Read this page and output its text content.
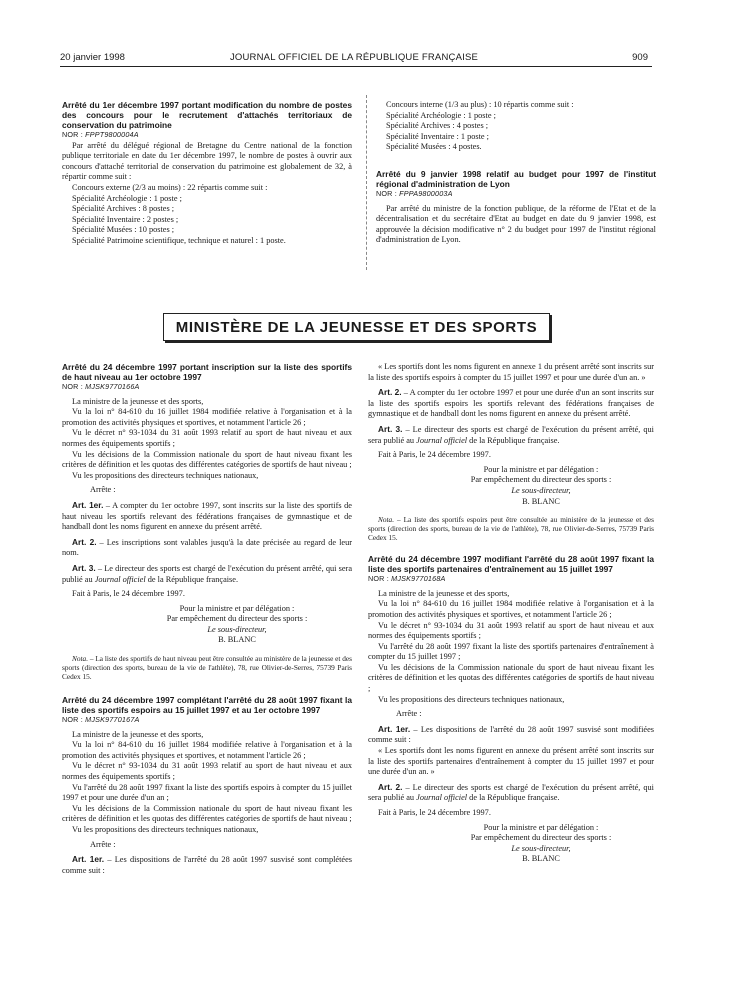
20 janvier 1998	JOURNAL OFFICIEL DE LA RÉPUBLIQUE FRANÇAISE	909

Arrêté du 1er décembre 1997 portant modification du nombre de postes des concours pour le recrutement d'attachés territoriaux de conservation du patrimoine

NOR : FPPT9800004A

Par arrêté du délégué régional de Bretagne du Centre national de la fonction publique territoriale en date du 1er décembre 1997, le nombre de postes à ouvrir aux concours d'attaché territorial de conservation du patrimoine est globalement de 32, à répartir comme suit :

Concours externe (2/3 au moins) : 22 répartis comme suit :

Spécialité Archéologie : 1 poste ;

Spécialité Archives : 8 postes ;

Spécialité Inventaire : 2 postes ;

Spécialité Musées : 10 postes ;

Spécialité Patrimoine scientifique, technique et naturel : 1 poste.

Concours interne (1/3 au plus) : 10 répartis comme suit :

Spécialité Archéologie : 1 poste ;

Spécialité Archives : 4 postes ;

Spécialité Inventaire : 1 poste ;

Spécialité Musées : 4 postes.

Arrêté du 9 janvier 1998 relatif au budget pour 1997 de l'institut régional d'administration de Lyon

NOR : FPPA9800003A

Par arrêté du ministre de la fonction publique, de la réforme de l'Etat et de la décentralisation et du secrétaire d'Etat au budget en date du 9 janvier 1998, est approuvée la décision modificative n° 2 du budget pour 1997 de l'institut régional d'administration de Lyon.

MINISTÈRE DE LA JEUNESSE ET DES SPORTS

Arrêté du 24 décembre 1997 portant inscription sur la liste des sportifs de haut niveau au 1er octobre 1997

NOR : MJSK9770166A

La ministre de la jeunesse et des sports,

Vu la loi n° 84-610 du 16 juillet 1984 modifiée relative à l'organisation et à la promotion des activités physiques et sportives, et notamment l'article 26 ;

Vu le décret n° 93-1034 du 31 août 1993 relatif au sport de haut niveau et aux normes des équipements sportifs ;

Vu les décisions de la Commission nationale du sport de haut niveau fixant les critères de définition et les quotas des différentes catégories de sportifs de haut niveau ;

Vu les propositions des directeurs techniques nationaux,

Arrête :

Art. 1er. – A compter du 1er octobre 1997, sont inscrits sur la liste des sportifs de haut niveau les sportifs relevant des fédérations françaises de gymnastique et de handball dont les noms figurent en annexe du présent arrêté.

Art. 2. – Les inscriptions sont valables jusqu'à la date précisée au regard de leur nom.

Art. 3. – Le directeur des sports est chargé de l'exécution du présent arrêté, qui sera publié au Journal officiel de la République française.

Fait à Paris, le 24 décembre 1997.

Pour la ministre et par délégation :

Par empêchement du directeur des sports :

Le sous-directeur,

B. BLANC

Nota. – La liste des sportifs de haut niveau peut être consultée au ministère de la jeunesse et des sports (direction des sports, bureau de la vie de l'athlète), 78, rue Olivier-de-Serres, 75739 Paris Cedex 15.

Arrêté du 24 décembre 1997 complétant l'arrêté du 28 août 1997 fixant la liste des sportifs espoirs au 15 juillet 1997 et au 1er octobre 1997

NOR : MJSK9770167A

La ministre de la jeunesse et des sports,

Vu la loi n° 84-610 du 16 juillet 1984 modifiée relative à l'organisation et à la promotion des activités physiques et sportives, et notamment l'article 26 ;

Vu le décret n° 93-1034 du 31 août 1993 relatif au sport de haut niveau et aux normes des équipements sportifs ;

Vu l'arrêté du 28 août 1997 fixant la liste des sportifs espoirs à compter du 15 juillet 1997 et pour une durée d'un an ;

Vu les décisions de la Commission nationale du sport de haut niveau fixant les critères de définition et les quotas des différentes catégories de sportifs de haut niveau ;

Vu les propositions des directeurs techniques nationaux,

Arrête :

Art. 1er. – Les dispositions de l'arrêté du 28 août 1997 susvisé sont complétées comme suit :

« Les sportifs dont les noms figurent en annexe 1 du présent arrêté sont inscrits sur la liste des sportifs espoirs à compter du 15 juillet 1997 et pour une durée d'un an. »

Art. 2. – A compter du 1er octobre 1997 et pour une durée d'un an sont inscrits sur la liste des sportifs espoirs les sportifs relevant des fédérations françaises de gymnastique et de handball dont les noms figurent en annexe du présent arrêté.

Art. 3. – Le directeur des sports est chargé de l'exécution du présent arrêté, qui sera publié au Journal officiel de la République française.

Fait à Paris, le 24 décembre 1997.

Pour la ministre et par délégation :

Par empêchement du directeur des sports :

Le sous-directeur,

B. BLANC

Nota. – La liste des sportifs espoirs peut être consultée au ministère de la jeunesse et des sports (direction des sports, bureau de la vie de l'athlète), 78, rue Olivier-de-Serres, 75739 Paris Cedex 15.

Arrêté du 24 décembre 1997 modifiant l'arrêté du 28 août 1997 fixant la liste des sportifs partenaires d'entraînement au 15 juillet 1997

NOR : MJSK9770168A

La ministre de la jeunesse et des sports,

Vu la loi n° 84-610 du 16 juillet 1984 modifiée relative à l'organisation et à la promotion des activités physiques et sportives, et notamment l'article 26 ;

Vu le décret n° 93-1034 du 31 août 1993 relatif au sport de haut niveau et aux normes des équipements sportifs ;

Vu l'arrêté du 28 août 1997 fixant la liste des sportifs partenaires d'entraînement à compter du 15 juillet 1997 ;

Vu les décisions de la Commission nationale du sport de haut niveau fixant les critères de définition et les quotas des différentes catégories de sportifs de haut niveau ;

Vu les propositions des directeurs techniques nationaux,

Arrête :

Art. 1er. – Les dispositions de l'arrêté du 28 août 1997 susvisé sont modifiées comme suit :

« Les sportifs dont les noms figurent en annexe du présent arrêté sont inscrits sur la liste des sportifs partenaires d'entraînement à compter du 15 juillet 1997 et pour une durée d'un an. »

Art. 2. – Le directeur des sports est chargé de l'exécution du présent arrêté, qui sera publié au Journal officiel de la République française.

Fait à Paris, le 24 décembre 1997.

Pour la ministre et par délégation :

Par empêchement du directeur des sports :

Le sous-directeur,

B. BLANC
